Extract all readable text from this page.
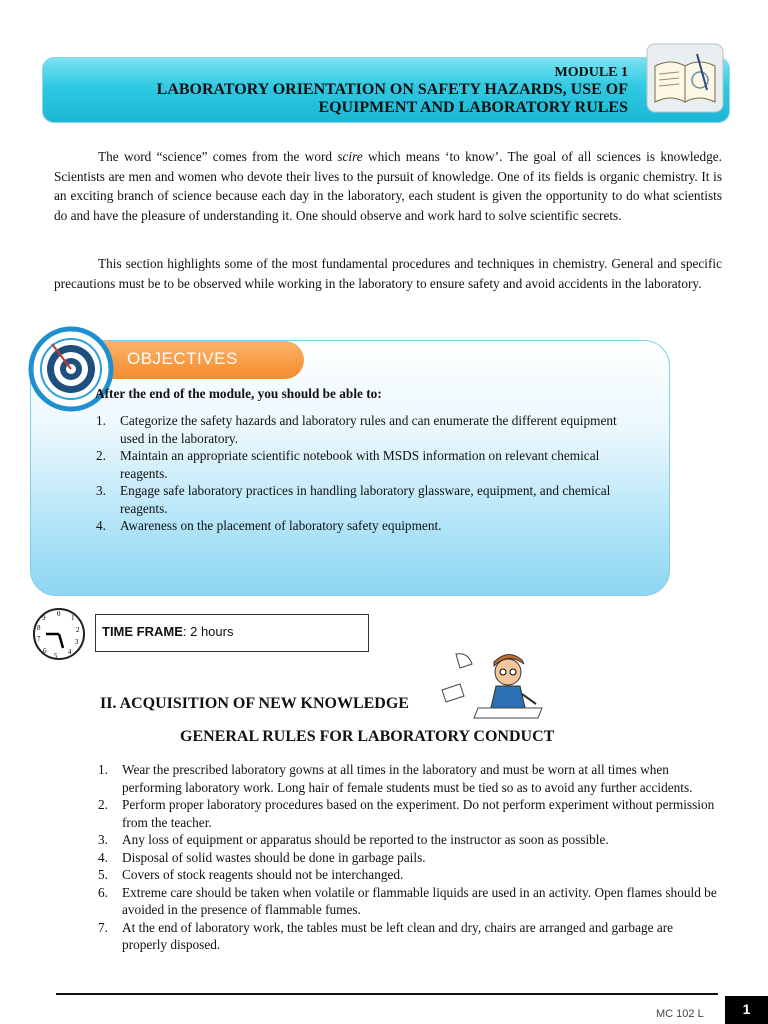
MODULE 1
LABORATORY ORIENTATION ON SAFETY HAZARDS, USE OF
EQUIPMENT AND LABORATORY RULES
The word “science” comes from the word scire which means ‘to know’. The goal of all sciences is knowledge. Scientists are men and women who devote their lives to the pursuit of knowledge. One of its fields is organic chemistry. It is an exciting branch of science because each day in the laboratory, each student is given the opportunity to do what scientists do and have the pleasure of understanding it. One should observe and work hard to solve scientific secrets.
This section highlights some of the most fundamental procedures and techniques in chemistry. General and specific precautions must be to be observed while working in the laboratory to ensure safety and avoid accidents in the laboratory.
OBJECTIVES
After the end of the module, you should be able to:
1. Categorize the safety hazards and laboratory rules and can enumerate the different equipment used in the laboratory.
2. Maintain an appropriate scientific notebook with MSDS information on relevant chemical reagents.
3. Engage safe laboratory practices in handling laboratory glassware, equipment, and chemical reagents.
4. Awareness on the placement of laboratory safety equipment.
9 0 1
2
3
4
5
6
7
8	TIME FRAME: 2 hours
II. ACQUISITION OF NEW KNOWLEDGE
GENERAL RULES FOR LABORATORY CONDUCT
1. Wear the prescribed laboratory gowns at all times in the laboratory and must be worn at all times when performing laboratory work. Long hair of female students must be tied so as to avoid any further accidents.
2. Perform proper laboratory procedures based on the experiment. Do not perform experiment without permission from the teacher.
3. Any loss of equipment or apparatus should be reported to the instructor as soon as possible.
4. Disposal of solid wastes should be done in garbage pails.
5. Covers of stock reagents should not be interchanged.
6. Extreme care should be taken when volatile or flammable liquids are used in an activity. Open flames should be avoided in the presence of flammable fumes.
7. At the end of laboratory work, the tables must be left clean and dry, chairs are arranged and garbage are properly disposed.
MC 102 L	1
